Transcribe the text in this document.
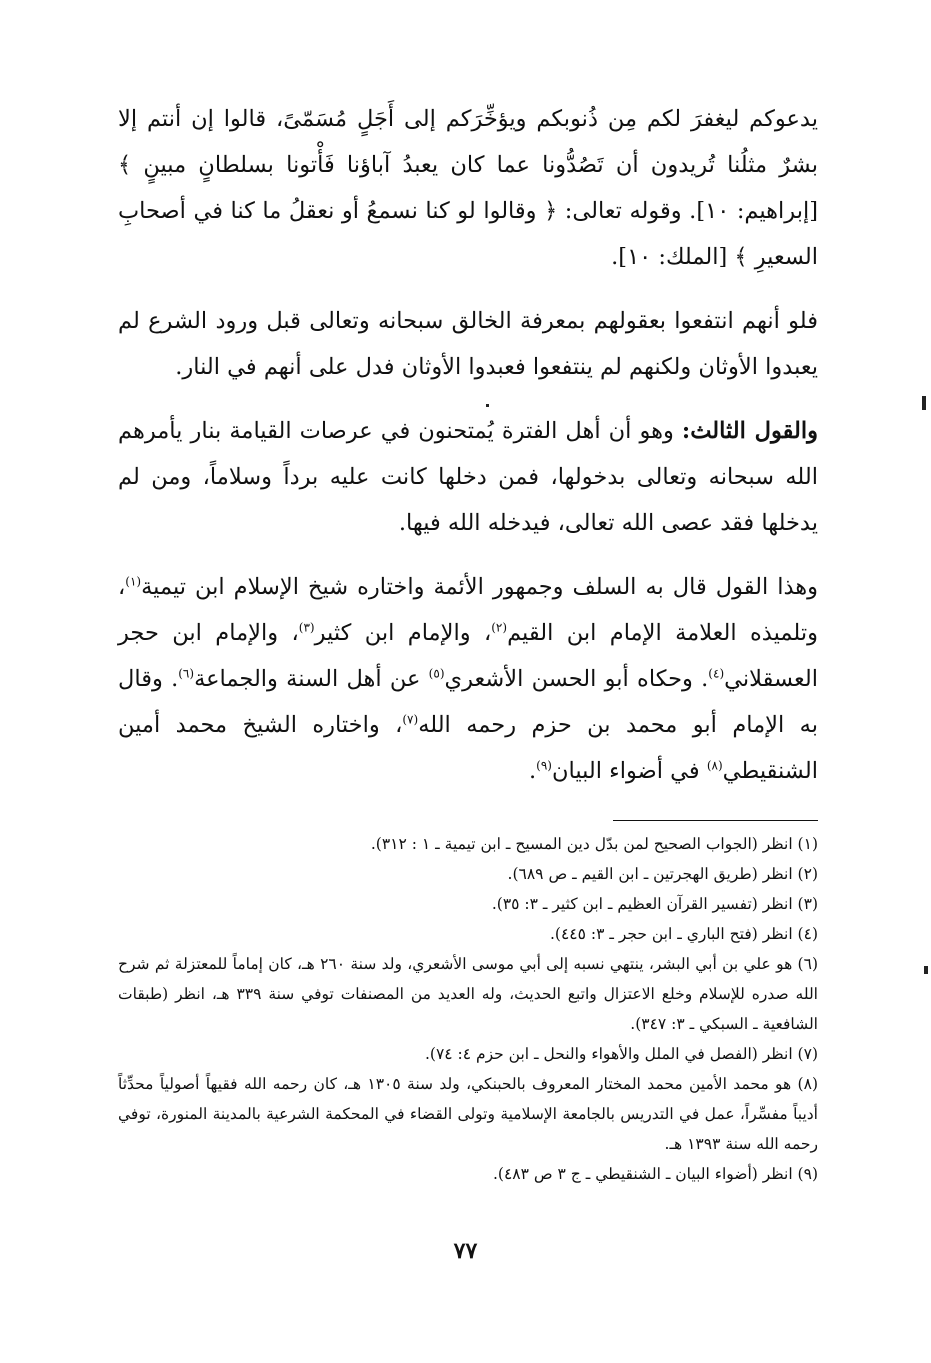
يدعوكم ليغفرَ لكم مِن ذُنوبكم ويؤخِّرَكم إلى أَجَلٍ مُسَمّىً، قالوا إن أنتم إلا بشرٌ مثلُنا تُريدون أن تَصُدُّونا عما كان يعبدُ آباؤنا فَأْتونا بسلطانٍ مبينٍ ﴾ [إبراهيم: ١٠]. وقوله تعالى: ﴿ وقالوا لو كنا نسمعُ أو نعقلُ ما كنا في أصحابِ السعيرِ ﴾ [الملك: ١٠].

فلو أنهم انتفعوا بعقولهم بمعرفة الخالق سبحانه وتعالى قبل ورود الشرع لم يعبدوا الأوثان ولكنهم لم ينتفعوا فعبدوا الأوثان فدل على أنهم في النار.

والقول الثالث: وهو أن أهل الفترة يُمتحنون في عرصات القيامة بنار يأمرهم الله سبحانه وتعالى بدخولها، فمن دخلها كانت عليه برداً وسلاماً، ومن لم يدخلها فقد عصى الله تعالى، فيدخله الله فيها.

وهذا القول قال به السلف وجمهور الأئمة واختاره شيخ الإسلام ابن تيمية$^{(١)}$، وتلميذه العلامة الإمام ابن القيم$^{(٢)}$، والإمام ابن كثير$^{(٣)}$، والإمام ابن حجر العسقلاني$^{(٤)}$. وحكاه أبو الحسن الأشعري$^{(٥)}$ عن أهل السنة والجماعة$^{(٦)}$. وقال به الإمام أبو محمد بن حزم رحمه الله$^{(٧)}$، واختاره الشيخ محمد أمين الشنقيطي$^{(٨)}$ في أضواء البيان$^{(٩)}$.

(١) انظر (الجواب الصحيح لمن بدّل دين المسيح ـ ابن تيمية ـ ١ : ٣١٢).

(٢) انظر (طريق الهجرتين ـ ابن القيم ـ ص ٦٨٩).

(٣) انظر (تفسير القرآن العظيم ـ ابن كثير ـ ٣: ٣٥).

(٤) انظر (فتح الباري ـ ابن حجر ـ ٣: ٤٤٥).

(٦) هو علي بن أبي البشر، ينتهي نسبه إلى أبي موسى الأشعري، ولد سنة ٢٦٠ هـ، كان إماماً للمعتزلة ثم شرح الله صدره للإسلام وخلع الاعتزال واتبع الحديث، وله العديد من المصنفات توفي سنة ٣٣٩ هـ، انظر (طبقات الشافعية ـ السبكي ـ ٣: ٣٤٧).

(٧) انظر (الفصل في الملل والأهواء والنحل ـ ابن حزم ٤: ٧٤).

(٨) هو محمد الأمين محمد المختار المعروف بالحبنكي، ولد سنة ١٣٠٥ هـ، كان رحمه الله فقيهاً أصولياً محدِّثاً أديباً مفسِّراً، عمل في التدريس بالجامعة الإسلامية وتولى القضاء في المحكمة الشرعية بالمدينة المنورة، توفي رحمه الله سنة ١٣٩٣ هـ.

(٩) انظر (أضواء البيان ـ الشنقيطي ـ ج ٣ ص ٤٨٣).

٧٧
